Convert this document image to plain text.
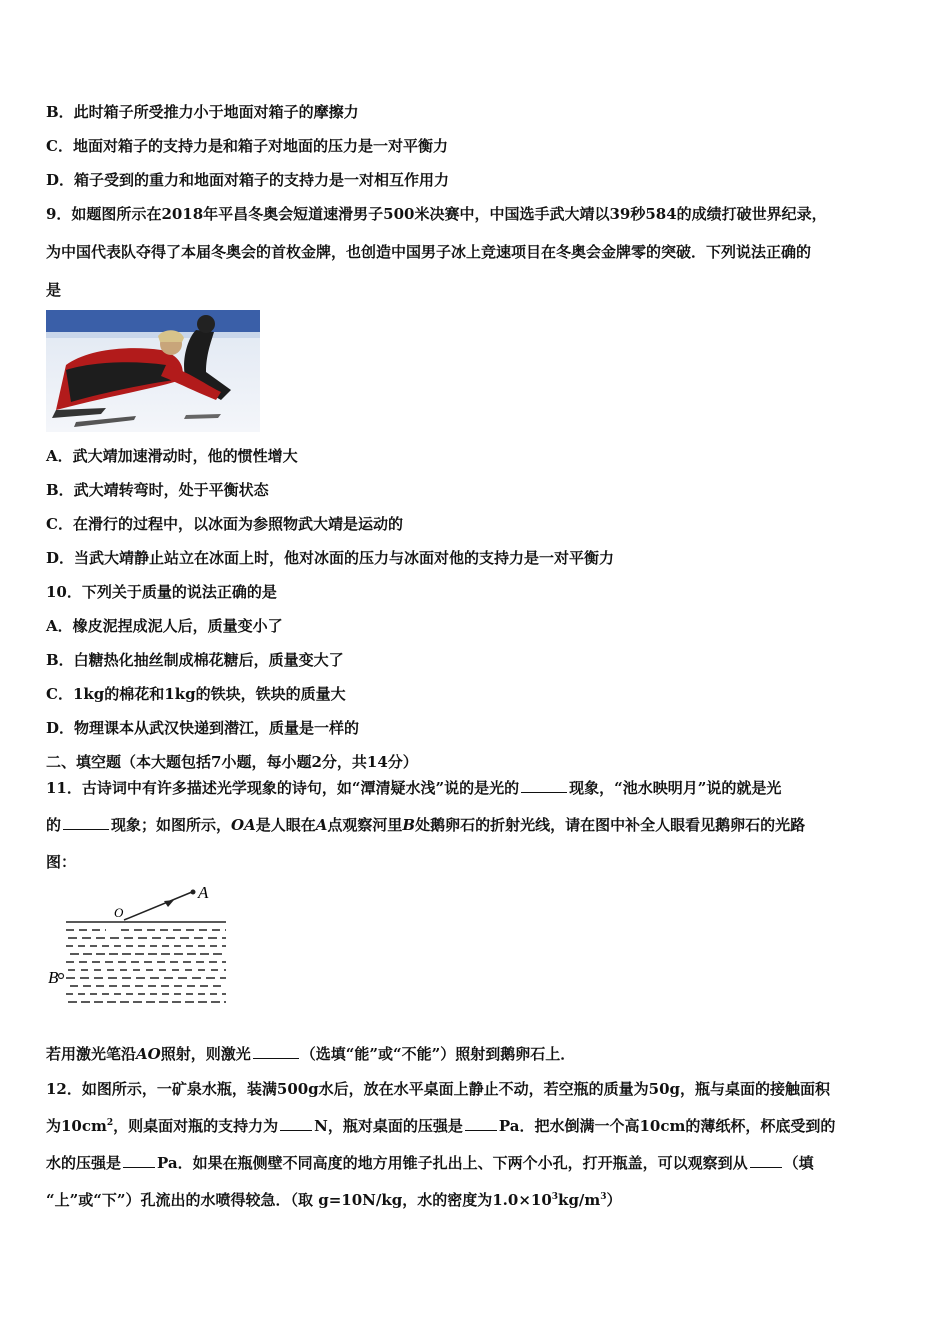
B．此时箱子所受推力小于地面对箱子的摩擦力
C．地面对箱子的支持力是和箱子对地面的压力是一对平衡力
D．箱子受到的重力和地面对箱子的支持力是一对相互作用力
9．如题图所示在2018年平昌冬奥会短道速滑男子500米决赛中，中国选手武大靖以39秒584的成绩打破世界纪录，
为中国代表队夺得了本届冬奥会的首枚金牌，也创造中国男子冰上竞速项目在冬奥会金牌零的突破．下列说法正确的
是
A．武大靖加速滑动时，他的惯性增大
B．武大靖转弯时，处于平衡状态
C．在滑行的过程中，以冰面为参照物武大靖是运动的
D．当武大靖静止站立在冰面上时，他对冰面的压力与冰面对他的支持力是一对平衡力
10．下列关于质量的说法正确的是
A．橡皮泥捏成泥人后，质量变小了
B．白糖热化抽丝制成棉花糖后，质量变大了
C．1kg的棉花和1kg的铁块，铁块的质量大
D．物理课本从武汉快递到潜江，质量是一样的
二、填空题（本大题包括7小题，每小题2分，共14分）
11．古诗词中有许多描述光学现象的诗句，如“潭清疑水浅”说的是光的	现象，“池水映明月”说的就是光
的	现象；如图所示，OA是人眼在A点观察河里B处鹅卵石的折射光线，请在图中补全人眼看见鹅卵石的光路
图：
A
O
B
若用激光笔沿AO照射，则激光	（选填“能”或“不能”）照射到鹅卵石上．
12．如图所示，一矿泉水瓶，装满500g水后，放在水平桌面上静止不动，若空瓶的质量为50g，瓶与桌面的接触面积
为$10cm^2$，则桌面对瓶的支持力为 N，瓶对桌面的压强是 Pa．把水倒满一个高10cm的薄纸杯，杯底受到的
水的压强是 Pa．如果在瓶侧壁不同高度的地方用锥子扎出上、下两个小孔，打开瓶盖，可以观察到从 （填
“上”或“下”）孔流出的水喷得较急．（取 g=10N/kg，水的密度为$1.0\times 10^3kg/m^3$）
